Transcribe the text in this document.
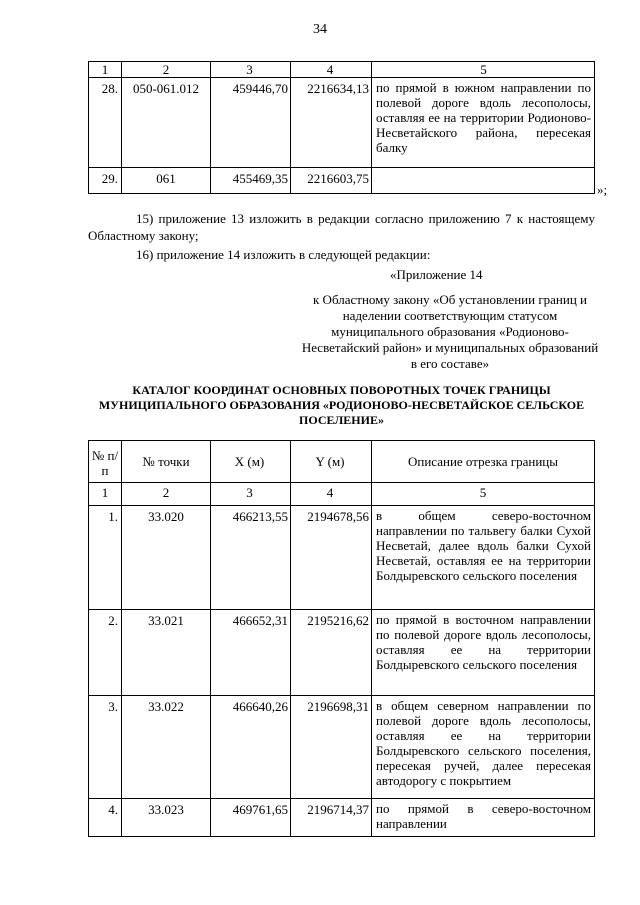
34
1	2	3	4	5
28.	050-061.012	459446,70	2216634,13	по прямой в южном направлении по полевой дороге вдоль лесополосы, оставляя ее на территории Родионово-Несветайского района, пересекая балку
29.	061	455469,35	2216603,75	
»;
15) приложение 13 изложить в редакции согласно приложению 7 к настоящему Областному закону;
16) приложение 14 изложить в следующей редакции:
«Приложение 14
к Областному закону «Об установлении границ и наделении соответствующим статусом муниципального образования «Родионово-Несветайский район» и муниципальных образований в его составе»
КАТАЛОГ КООРДИНАТ ОСНОВНЫХ ПОВОРОТНЫХ ТОЧЕК ГРАНИЦЫ МУНИЦИПАЛЬНОГО ОБРАЗОВАНИЯ «РОДИОНОВО-НЕСВЕТАЙСКОЕ СЕЛЬСКОЕ ПОСЕЛЕНИЕ»
№ п/п	№ точки	X (м)	Y (м)	Описание отрезка границы
1	2	3	4	5
1.	33.020	466213,55	2194678,56	в общем северо-восточном направлении по тальвегу балки Сухой Несветай, далее вдоль балки Сухой Несветай, оставляя ее на территории Болдыревского сельского поселения
2.	33.021	466652,31	2195216,62	по прямой в восточном направлении по полевой дороге вдоль лесополосы, оставляя ее на территории Болдыревского сельского поселения
3.	33.022	466640,26	2196698,31	в общем северном направлении по полевой дороге вдоль лесополосы, оставляя ее на территории Болдыревского сельского поселения, пересекая ручей, далее пересекая автодорогу с покрытием
4.	33.023	469761,65	2196714,37	по прямой в северо-восточном направлении
